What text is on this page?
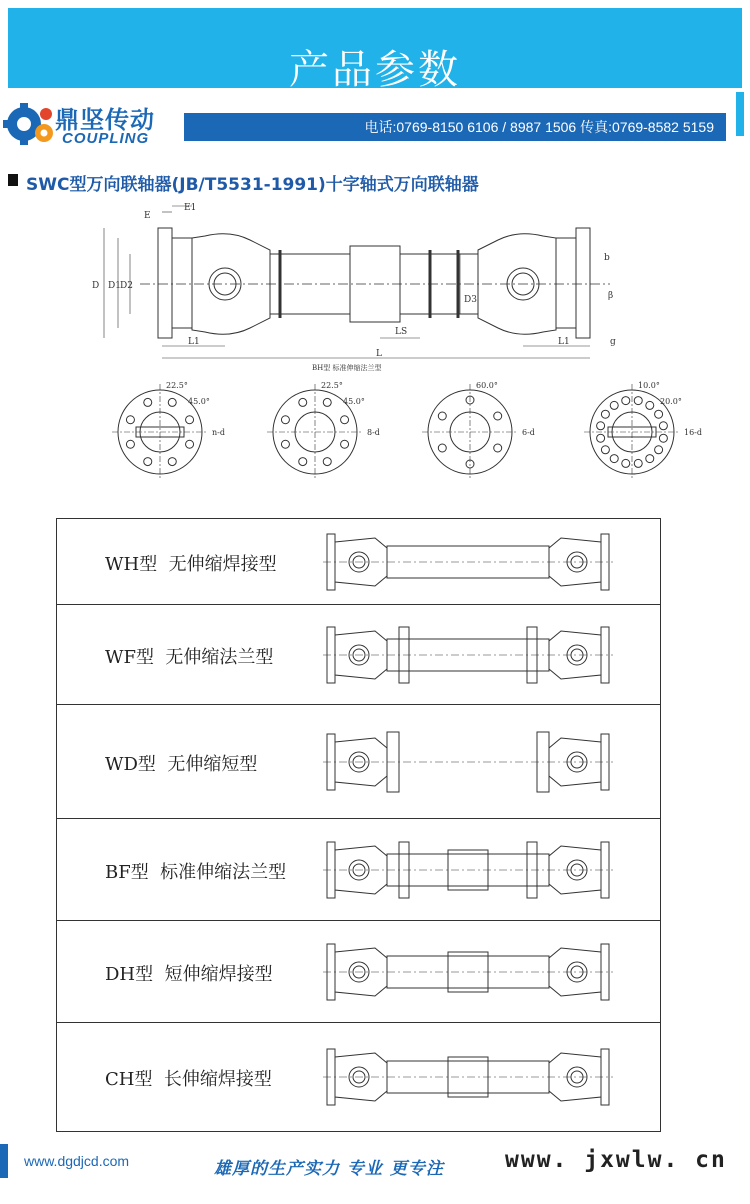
产品参数
鼎坚传动
COUPLING
电话:0769-8150 6106 / 8987 1506 传真:0769-8582 5159
SWC型万向联轴器(JB/T5531-1991)十字轴式万向联轴器
E
E1
D D1 D2
D3
L1	L1
LS
L
b
β
g
BH型 标准伸缩法兰型
22.5°
45.0°
n-d
22.5°
45.0°
8-d
60.0°
6-d
10.0°
20.0°
16-d
WH型  无伸缩焊接型
WF型  无伸缩法兰型
WD型  无伸缩短型
BF型  标准伸缩法兰型
DH型  短伸缩焊接型
CH型  长伸缩焊接型
www.dgdjcd.com	雄厚的生产实力 专业 更专注	www. jxwlw. cn
